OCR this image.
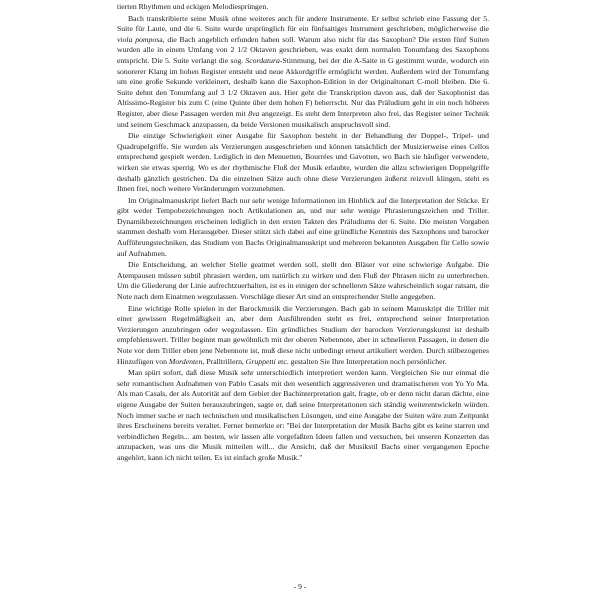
tierten Rhythmen und eckigen Melodiesprüngen.

Bach transkribierte seine Musik ohne weiteres auch für andere Instrumente. Er selbst schrieb eine Fassung der 5. Suite für Laute, und die 6. Suite wurde ursprünglich für ein fünfsaitiges Instrument geschrieben, möglicherweise die viola pomposa, die Bach angeblich erfunden haben soll. Warum also nicht für das Saxophon? Die ersten fünf Suiten wurden alle in einem Umfang von 2 1/2 Oktaven geschrieben, was exakt dem normalen Tonumfang des Saxophons entspricht. Die 5. Suite verlangt die sog. Scordatura-Stimmung, bei der die A-Saite in G gestimmt wurde, wodurch ein sonorerer Klang im hohen Register entsteht und neue Akkordgriffe ermöglicht werden. Außerdem wird der Tonumfang um eine große Sekunde verkleinert, deshalb kann die Saxophon-Edition in der Originaltonart C-moll bleiben. Die 6. Suite dehnt den Tonumfang auf 3 1/2 Oktaven aus. Hier geht die Transkription davon aus, daß der Saxophonist das Altissimo-Register bis zum C (eine Quinte über dem hohen F) beherrscht. Nur das Präludium geht in ein noch höheres Register, aber diese Passagen werden mit 8va angezeigt. Es steht dem Interpreten also frei, das Register seiner Technik und seinem Geschmack anzupassen, da beide Versionen musikalisch anspruchsvoll sind.

Die einzige Schwierigkeit einer Ausgabe für Saxophon besteht in der Behandlung der Doppel-, Tripel- und Quadrupelgriffe. Sie wurden als Verzierungen ausgeschrieben und können tatsächlich der Musizierweise eines Cellos entsprechend gespielt werden. Lediglich in den Menuetten, Bourrées und Gavotten, wo Bach sie häufiger verwendete, wirken sie etwas sperrig. Wo es der rhythmische Fluß der Musik erlaubte, wurden die allzu schwierigen Doppelgriffe deshalb gänzlich gestrichen. Da die einzelnen Sätze auch ohne diese Verzierungen äußerst reizvoll klingen, steht es Ihnen frei, noch weitere Veränderungen vorzunehmen.

Im Originalmanuskript liefert Bach nur sehr wenige Informationen im Hinblick auf die Interpretation der Stücke. Er gibt weder Tempobezeichnungen noch Artikulationen an, und nur sehr wenige Phrasierungszeichen und Triller. Dynamikbezeichnungen erscheinen lediglich in den ersten Takten des Präludiums der 6. Suite. Die meisten Vorgaben stammen deshalb vom Herausgeber. Dieser stützt sich dabei auf eine gründliche Kenntnis des Saxophons und barocker Aufführungstechniken, das Studium von Bachs Originalmanuskript und mehreren bekannten Ausgaben für Cello sowie auf Aufnahmen.

Die Entscheidung, an welcher Stelle geatmet werden soll, stellt den Bläser vor eine schwierige Aufgabe. Die Atempausen müssen subtil phrasiert werden, um natürlich zu wirken und den Fluß der Phrasen nicht zu unterbrechen. Um die Gliederung der Linie aufrechtzuerhalten, ist es in einigen der schnelleren Sätze wahrscheinlich sogar ratsam, die Note nach dem Einatmen wegzulassen. Vorschläge dieser Art sind an entsprechender Stelle angegeben.

Eine wichtige Rolle spielen in der Barockmusik die Verzierungen. Bach gab in seinem Manuskript die Triller mit einer gewissen Regelmäßigkeit an, aber dem Ausführenden steht es frei, entsprechend seiner Interpretation Verzierungen anzubringen oder wegzulassen. Ein gründliches Studium der barocken Verzierungskunst ist deshalb empfehlenswert. Triller beginnt man gewöhnlich mit der oberen Nebennote, aber in schnelleren Passagen, in denen die Note vor dem Triller eben jene Nebennote ist, muß diese nicht unbedingt erneut artikuliert werden. Durch stilbezogenes Hinzufügen von Mordenten, Pralltrillern, Gruppetti etc. gestalten Sie Ihre Interpretation noch persönlicher.

Man spürt sofort, daß diese Musik sehr unterschiedlich interpretiert werden kann. Vergleichen Sie nur einmal die sehr romantischen Aufnahmen von Pablo Casals mit den wesentlich aggressiveren und dramatischeren von Yo Yo Ma. Als man Casals, der als Autorität auf dem Gebiet der Bachinterpretation galt, fragte, ob er denn nicht daran dächte, eine eigene Ausgabe der Suiten herauszubringen, sagte er, daß seine Interpretationen sich ständig weiterentwickeln würden. Noch immer suche er nach technischen und musikalischen Lösungen, und eine Ausgabe der Suiten wäre zum Zeitpunkt ihres Erscheinens bereits veraltet. Ferner bemerkte er: "Bei der Interpretation der Musik Bachs gibt es keine starren und verbindlichen Regeln... am besten, wir lassen alle vorgefaßten Ideen fallen und versuchen, bei unseren Konzerten das anzupacken, was uns die Musik mitteilen will... die Ansicht, daß der Musikstil Bachs einer vergangenen Epoche angehört, kann ich nicht teilen. Es ist einfach große Musik."

- 9 -
